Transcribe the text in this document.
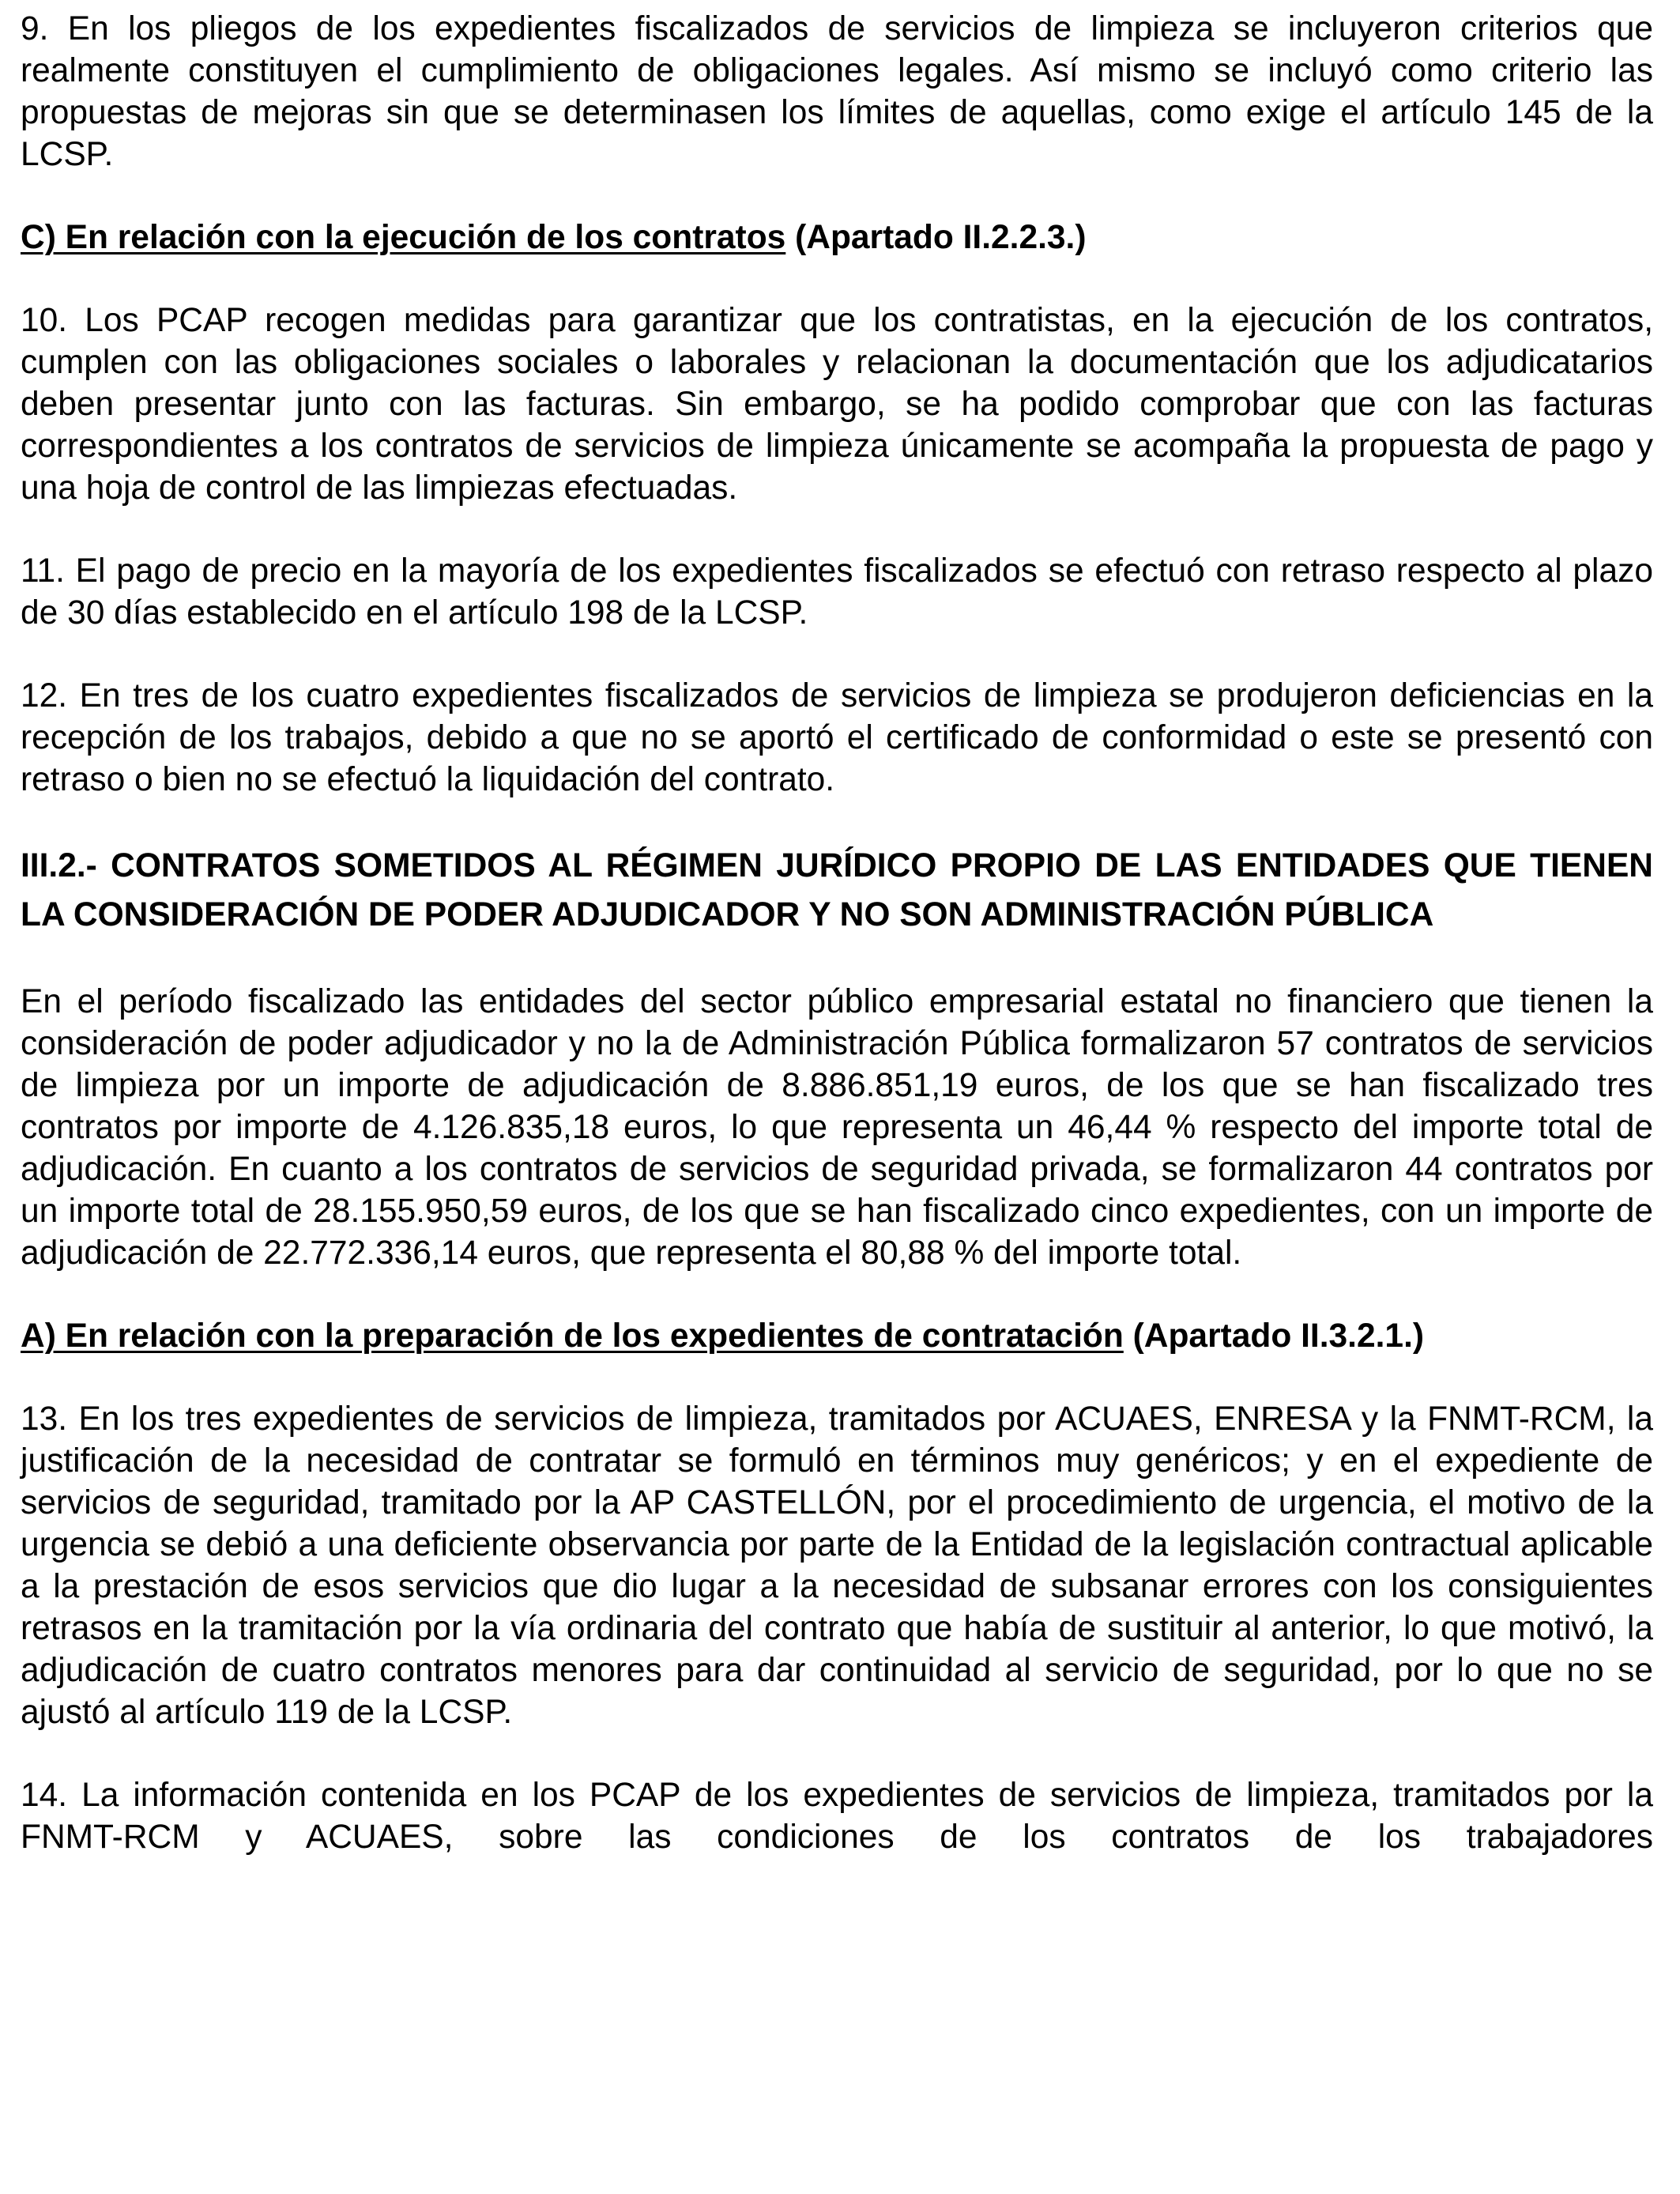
9. En los pliegos de los expedientes fiscalizados de servicios de limpieza se incluyeron criterios que realmente constituyen el cumplimiento de obligaciones legales. Así mismo se incluyó como criterio las propuestas de mejoras sin que se determinasen los límites de aquellas, como exige el artículo 145 de la LCSP.

C) En relación con la ejecución de los contratos (Apartado II.2.2.3.)

10. Los PCAP recogen medidas para garantizar que los contratistas, en la ejecución de los contratos, cumplen con las obligaciones sociales o laborales y relacionan la documentación que los adjudicatarios deben presentar junto con las facturas. Sin embargo, se ha podido comprobar que con las facturas correspondientes a los contratos de servicios de limpieza únicamente se acompaña la propuesta de pago y una hoja de control de las limpiezas efectuadas.

11. El pago de precio en la mayoría de los expedientes fiscalizados se efectuó con retraso respecto al plazo de 30 días establecido en el artículo 198 de la LCSP.

12. En tres de los cuatro expedientes fiscalizados de servicios de limpieza se produjeron deficiencias en la recepción de los trabajos, debido a que no se aportó el certificado de conformidad o este se presentó con retraso o bien no se efectuó la liquidación del contrato.

III.2.- CONTRATOS SOMETIDOS AL RÉGIMEN JURÍDICO PROPIO DE LAS ENTIDADES QUE TIENEN LA CONSIDERACIÓN DE PODER ADJUDICADOR Y NO SON ADMINISTRACIÓN PÚBLICA

En el período fiscalizado las entidades del sector público empresarial estatal no financiero que tienen la consideración de poder adjudicador y no la de Administración Pública formalizaron 57 contratos de servicios de limpieza por un importe de adjudicación de 8.886.851,19 euros, de los que se han fiscalizado tres contratos por importe de 4.126.835,18 euros, lo que representa un 46,44 % respecto del importe total de adjudicación. En cuanto a los contratos de servicios de seguridad privada, se formalizaron 44 contratos por un importe total de 28.155.950,59 euros, de los que se han fiscalizado cinco expedientes, con un importe de adjudicación de 22.772.336,14 euros, que representa el 80,88 % del importe total.

A) En relación con la preparación de los expedientes de contratación (Apartado II.3.2.1.)

13. En los tres expedientes de servicios de limpieza, tramitados por ACUAES, ENRESA y la FNMT-RCM, la justificación de la necesidad de contratar se formuló en términos muy genéricos; y en el expediente de servicios de seguridad, tramitado por la AP CASTELLÓN, por el procedimiento de urgencia, el motivo de la urgencia se debió a una deficiente observancia por parte de la Entidad de la legislación contractual aplicable a la prestación de esos servicios que dio lugar a la necesidad de subsanar errores con los consiguientes retrasos en la tramitación por la vía ordinaria del contrato que había de sustituir al anterior, lo que motivó, la adjudicación de cuatro contratos menores para dar continuidad al servicio de seguridad, por lo que no se ajustó al artículo 119 de la LCSP.

14. La información contenida en los PCAP de los expedientes de servicios de limpieza, tramitados por la FNMT-RCM y ACUAES, sobre las condiciones de los contratos de los trabajadores
